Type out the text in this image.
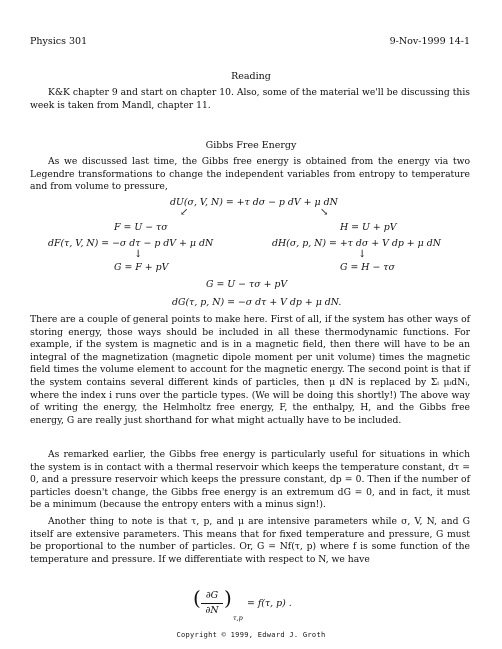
Physics 301	9-Nov-1999 14-1
Reading
K&K chapter 9 and start on chapter 10. Also, some of the material we'll be discussing this week is taken from Mandl, chapter 11.
Gibbs Free Energy
As we discussed last time, the Gibbs free energy is obtained from the energy via two Legendre transformations to change the independent variables from entropy to temperature and from volume to pressure,
dU(σ, V, N) = +τ dσ − p dV + μ dN
↙	↘
F = U − τσ	H = U + pV
dF(τ, V, N) = −σ dτ − p dV + μ dN	dH(σ, p, N) = +τ dσ + V dp + μ dN
↓	↓
G = F + pV	G = H − τσ
G = U − τσ + pV
dG(τ, p, N) = −σ dτ + V dp + μ dN.
There are a couple of general points to make here. First of all, if the system has other ways of storing energy, those ways should be included in all these thermodynamic functions. For example, if the system is magnetic and is in a magnetic field, then there will have to be an integral of the magnetization (magnetic dipole moment per unit volume) times the magnetic field times the volume element to account for the magnetic energy. The second point is that if the system contains several different kinds of particles, then μ dN is replaced by Σᵢ μᵢdNᵢ, where the index i runs over the particle types. (We will be doing this shortly!) The above way of writing the energy, the Helmholtz free energy, F, the enthalpy, H, and the Gibbs free energy, G are really just shorthand for what might actually have to be included.
As remarked earlier, the Gibbs free energy is particularly useful for situations in which the system is in contact with a thermal reservoir which keeps the temperature constant, dτ = 0, and a pressure reservoir which keeps the pressure constant, dp = 0. Then if the number of particles doesn't change, the Gibbs free energy is an extremum dG = 0, and in fact, it must be a minimum (because the entropy enters with a minus sign!).
Another thing to note is that τ, p, and μ are intensive parameters while σ, V, N, and G itself are extensive parameters. This means that for fixed temperature and pressure, G must be proportional to the number of particles. Or, G = Nf(τ, p) where f is some function of the temperature and pressure. If we differentiate with respect to N, we have
( ∂G
∂N
)
τ,p
= f(τ, p) .
Copyright © 1999, Edward J. Groth
